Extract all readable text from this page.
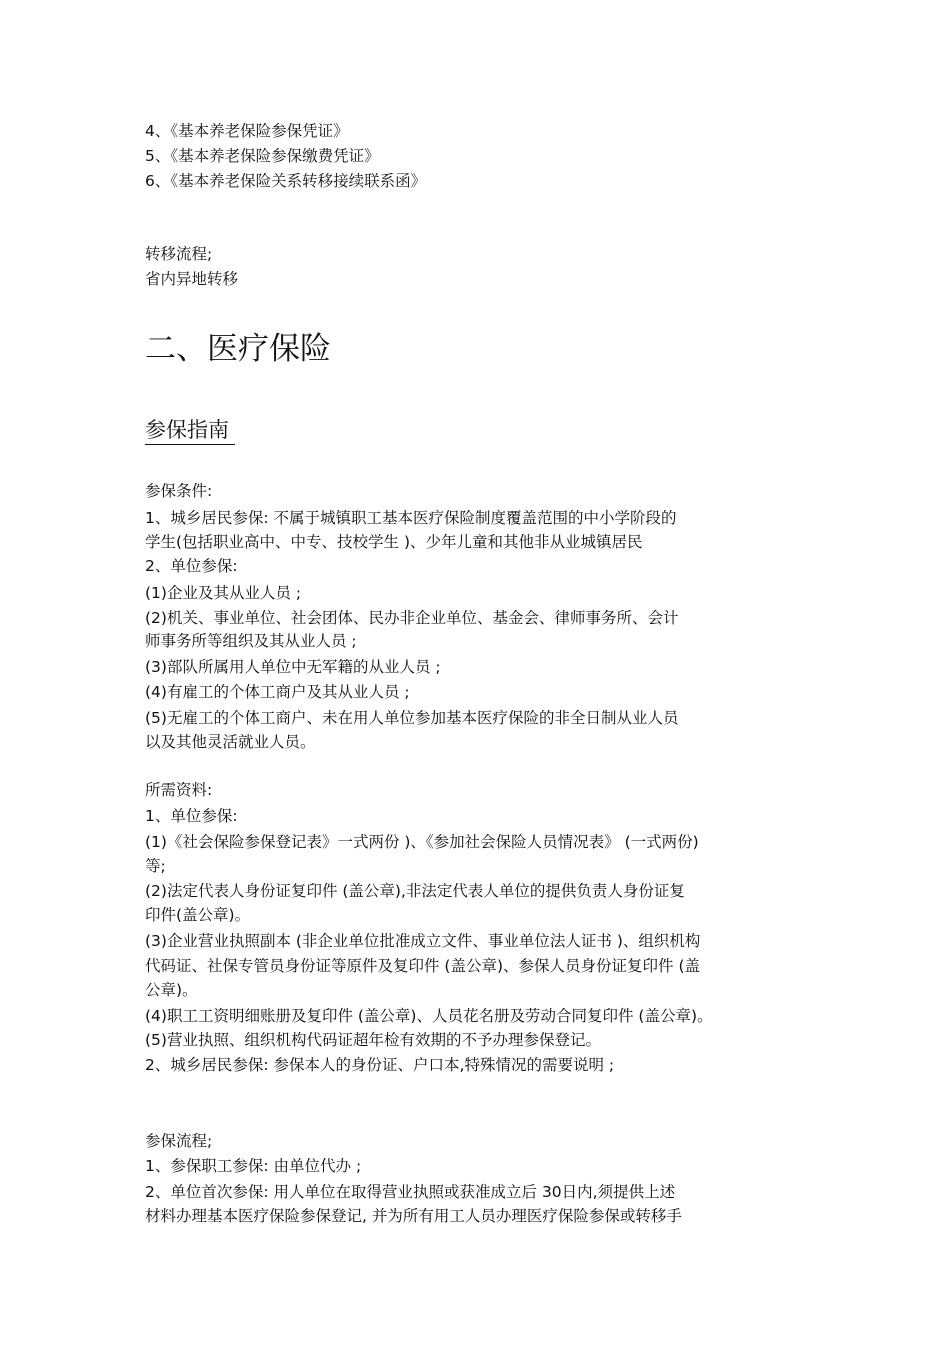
4、《基本养老保险参保凭证》
5、《基本养老保险参保缴费凭证》
6、《基本养老保险关系转移接续联系函》
转移流程;
省内异地转移
二、医疗保险
参保指南
参保条件:
1、城乡居民参保: 不属于城镇职工基本医疗保险制度覆盖范围的中小学阶段的
学生(包括职业高中、中专、技校学生 )、少年儿童和其他非从业城镇居民
2、单位参保:
(1)企业及其从业人员 ;
(2)机关、事业单位、社会团体、民办非企业单位、基金会、律师事务所、会计
师事务所等组织及其从业人员 ;
(3)部队所属用人单位中无军籍的从业人员 ;
(4)有雇工的个体工商户及其从业人员 ;
(5)无雇工的个体工商户、未在用人单位参加基本医疗保险的非全日制从业人员
以及其他灵活就业人员。
所需资料:
1、单位参保:
(1)《社会保险参保登记表》一式两份 )、《参加社会保险人员情况表》 (一式两份)
等;
(2)法定代表人身份证复印件 (盖公章),非法定代表人单位的提供负责人身份证复
印件(盖公章)。
(3)企业营业执照副本 (非企业单位批准成立文件、事业单位法人证书 )、组织机构
代码证、社保专管员身份证等原件及复印件 (盖公章)、参保人员身份证复印件 (盖
公章)。
(4)职工工资明细账册及复印件 (盖公章)、人员花名册及劳动合同复印件 (盖公章)。
(5)营业执照、组织机构代码证超年检有效期的不予办理参保登记。
2、城乡居民参保: 参保本人的身份证、户口本,特殊情况的需要说明 ;
参保流程;
1、参保职工参保: 由单位代办 ;
2、单位首次参保: 用人单位在取得营业执照或获准成立后 30日内,须提供上述
材料办理基本医疗保险参保登记, 并为所有用工人员办理医疗保险参保或转移手
